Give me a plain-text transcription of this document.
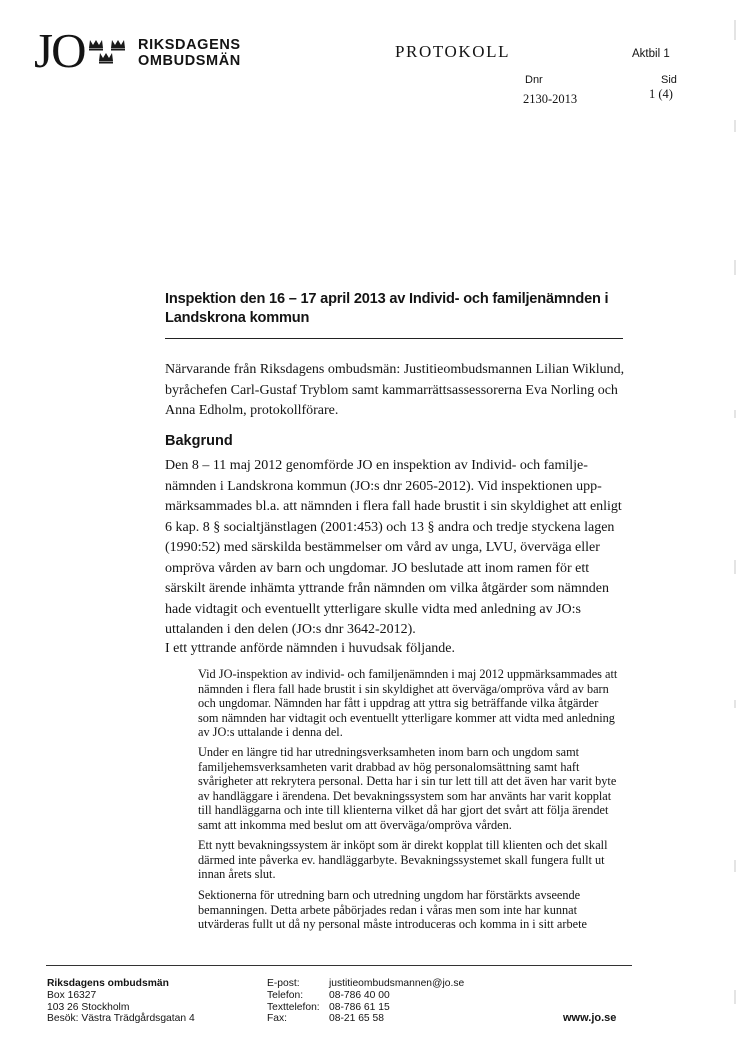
JO	RIKSDAGENS
OMBUDSMÄN	PROTOKOLL	Aktbil 1
Dnr
2130-2013
Sid
1 (4)
Inspektion den 16 – 17 april 2013 av Individ- och familjenämnden i Landskrona kommun
Närvarande från Riksdagens ombudsmän: Justitieombudsmannen Lilian Wiklund, byråchefen Carl-Gustaf Tryblom samt kammarrättsassessorerna Eva Norling och Anna Edholm, protokollförare.
Bakgrund
Den 8 – 11 maj 2012 genomförde JO en inspektion av Individ- och familje-nämnden i Landskrona kommun (JO:s dnr 2605-2012). Vid inspektionen upp-märksammades bl.a. att nämnden i flera fall hade brustit i sin skyldighet att enligt 6 kap. 8 § socialtjänstlagen (2001:453) och 13 § andra och tredje styckena lagen (1990:52) med särskilda bestämmelser om vård av unga, LVU, överväga eller ompröva vården av barn och ungdomar. JO beslutade att inom ramen för ett särskilt ärende inhämta yttrande från nämnden om vilka åtgärder som nämnden hade vidtagit och eventuellt ytterligare skulle vidta med anledning av JO:s uttalanden i den delen (JO:s dnr 3642-2012).
I ett yttrande anförde nämnden i huvudsak följande.
Vid JO-inspektion av individ- och familjenämnden i maj 2012 uppmärksammades att nämnden i flera fall hade brustit i sin skyldighet att överväga/ompröva vård av barn och ungdomar. Nämnden har fått i uppdrag att yttra sig beträffande vilka åtgärder som nämnden har vidtagit och eventuellt ytterligare kommer att vidta med anledning av JO:s uttalande i denna del.
Under en längre tid har utredningsverksamheten inom barn och ungdom samt familjehemsverksamheten varit drabbad av hög personalomsättning samt haft svårigheter att rekrytera personal. Detta har i sin tur lett till att det även har varit byte av handläggare i ärendena. Det bevakningssystem som har använts har varit kopplat till handläggarna och inte till klienterna vilket då har gjort det svårt att följa ärendet samt att inkomma med beslut om att överväga/ompröva vården.
Ett nytt bevakningssystem är inköpt som är direkt kopplat till klienten och det skall därmed inte påverka ev. handläggarbyte. Bevakningssystemet skall fungera fullt ut innan årets slut.
Sektionerna för utredning barn och utredning ungdom har förstärkts avseende bemanningen. Detta arbete påbörjades redan i våras men som inte har kunnat utvärderas fullt ut då ny personal måste introduceras och komma in i sitt arbete
Riksdagens ombudsmän
Box 16327
103 26 Stockholm
Besök: Västra Trädgårdsgatan 4
E-post:	justitieombudsmannen@jo.se
Telefon:	08-786 40 00
Texttelefon:	08-786 61 15
Fax:	08-21 65 58	www.jo.se
